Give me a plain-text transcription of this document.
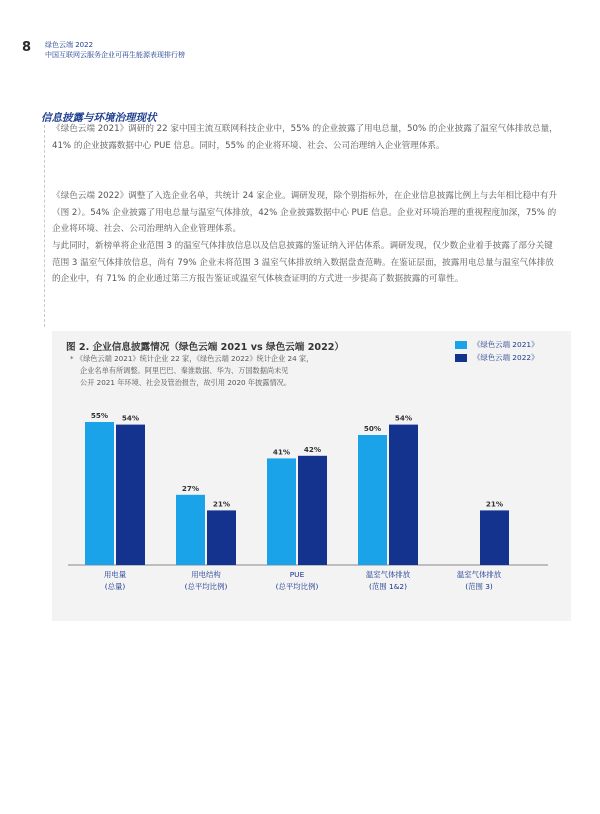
8 绿色云端 2022
中国互联网云服务企业可再生能源表现排行榜
信息披露与环境治理现状

《绿色云端 2021》调研的 22 家中国主流互联网科技企业中，55% 的企业披露了用电总量，50% 的企业披露了温室气体排放总量，41% 的企业披露数据中心 PUE 信息。同时，55% 的企业将环境、社会、公司治理纳入企业管理体系。

《绿色云端 2022》调整了入选企业名单，共统计 24 家企业。调研发现，除个别指标外，在企业信息披露比例上与去年相比稳中有升（图 2）。54% 企业披露了用电总量与温室气体排放，42% 企业披露数据中心 PUE 信息。企业对环境治理的重视程度加深，75% 的企业将环境、社会、公司治理纳入企业管理体系。

与此同时，新榜单将企业范围 3 的温室气体排放信息以及信息披露的鉴证纳入评估体系。调研发现，仅少数企业着手披露了部分关键范围 3 温室气体排放信息，尚有 79% 企业未将范围 3 温室气体排放纳入数据盘查范畴。在鉴证层面，披露用电总量与温室气体排放的企业中，有 71% 的企业通过第三方报告鉴证或温室气体核查证明的方式进一步提高了数据披露的可靠性。

图 2. 企业信息披露情况（绿色云端 2021 vs 绿色云端 2022）
* 《绿色云端 2021》统计企业 22 家，《绿色云端 2022》统计企业 24 家，
企业名单有所调整。阿里巴巴、秦淮数据、华为、万国数据尚未见
公开 2021 年环境、社会及管治报告，故引用 2020 年披露情况。
《绿色云端 2021》
《绿色云端 2022》
55% 54%
用电量
(总量)
27%
21%
用电结构
(总平均比例)
41% 42%
PUE
(总平均比例)
50%
54%
温室气体排放
(范围 1&2)
21%
温室气体排放
(范围 3)
